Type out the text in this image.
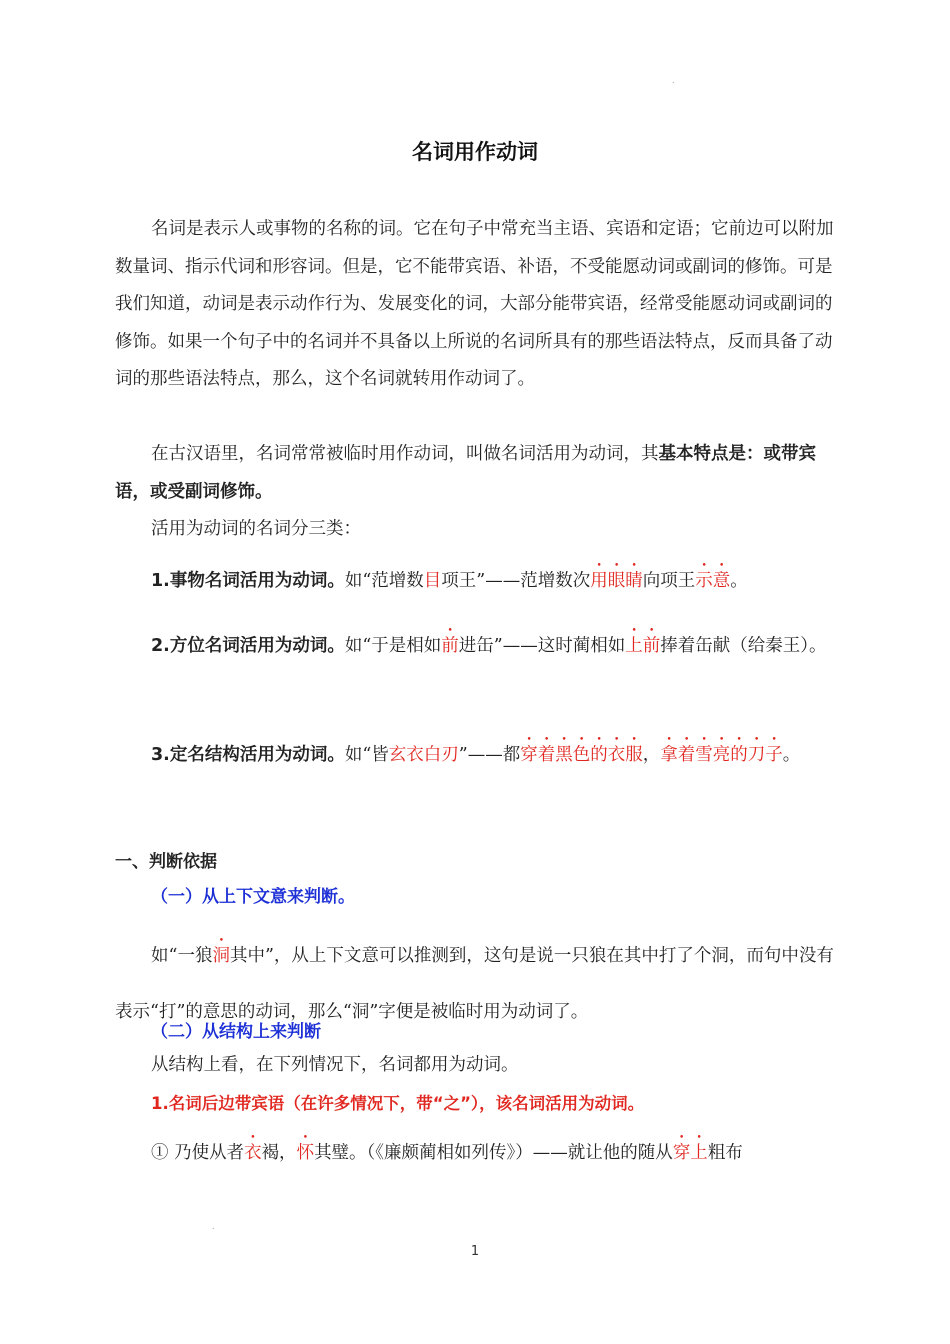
.
.
名词用作动词
名词是表示人或事物的名称的词。它在句子中常充当主语、宾语和定语；它前边可以附加数量词、指示代词和形容词。但是，它不能带宾语、补语，不受能愿动词或副词的修饰。可是我们知道，动词是表示动作行为、发展变化的词，大部分能带宾语，经常受能愿动词或副词的修饰。如果一个句子中的名词并不具备以上所说的名词所具有的那些语法特点，反而具备了动词的那些语法特点，那么，这个名词就转用作动词了。
在古汉语里，名词常常被临时用作动词，叫做名词活用为动词，其基本特点是：或带宾语，或受副词修饰。
活用为动词的名词分三类：
1.事物名词活用为动词。如“范增数目项王”——范增数次用眼睛向项王示意。
2.方位名词活用为动词。如“于是相如前进缶”——这时蔺相如上前捧着缶献（给秦王）。
3.定名结构活用为动词。如“皆玄衣白刃”——都穿着黑色的衣服，拿着雪亮的刀子。
一、判断依据
（一）从上下文意来判断。
如“一狼洞其中”，从上下文意可以推测到，这句是说一只狼在其中打了个洞，而句中没有表示“打”的意思的动词，那么“洞”字便是被临时用为动词了。
（二）从结构上来判断
从结构上看，在下列情况下，名词都用为动词。
1.名词后边带宾语（在许多情况下，带“之”），该名词活用为动词。
① 乃使从者衣褐，怀其璧。（《廉颇蔺相如列传》）——就让他的随从穿上粗布
1
